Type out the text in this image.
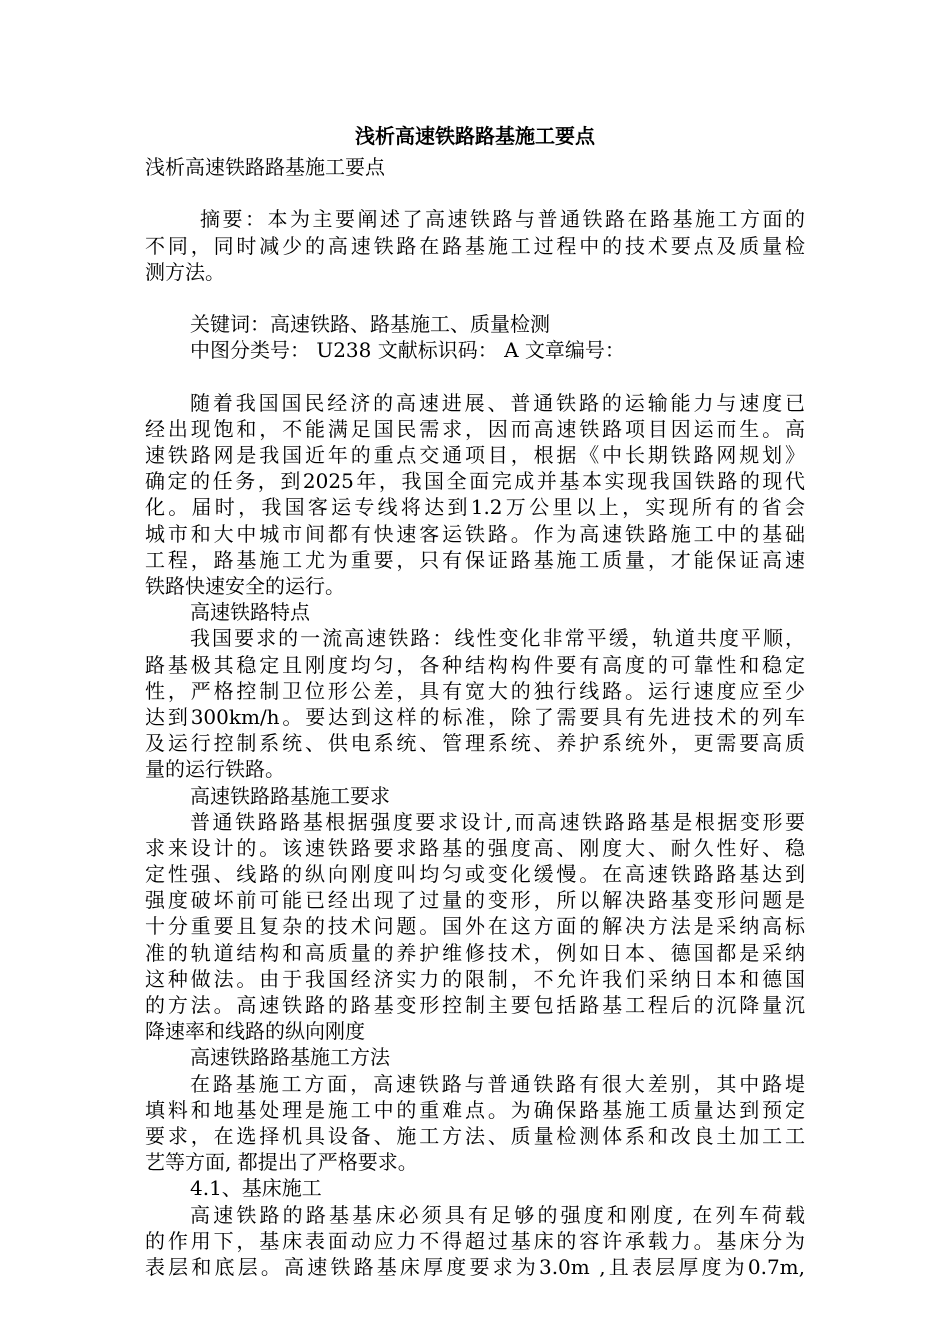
浅析高速铁路路基施工要点
浅析高速铁路路基施工要点
摘要：本为主要阐述了高速铁路与普通铁路在路基施工方面的
不同，同时减少的高速铁路在路基施工过程中的技术要点及质量检
测方法。
关键词：高速铁路、路基施工、质量检测
中图分类号： U238 文献标识码： A 文章编号：
随着我国国民经济的高速进展、普通铁路的运输能力与速度已
经出现饱和，不能满足国民需求，因而高速铁路项目因运而生。高
速铁路网是我国近年的重点交通项目，根据《中长期铁路网规划》
确定的任务，到2025年，我国全面完成并基本实现我国铁路的现代
化。届时，我国客运专线将达到1.2万公里以上，实现所有的省会
城市和大中城市间都有快速客运铁路。作为高速铁路施工中的基础
工程，路基施工尤为重要，只有保证路基施工质量，才能保证高速
铁路快速安全的运行。
高速铁路特点
我国要求的一流高速铁路：线性变化非常平缓，轨道共度平顺，
路基极其稳定且刚度均匀，各种结构构件要有高度的可靠性和稳定
性，严格控制卫位形公差，具有宽大的独行线路。运行速度应至少
达到300km/h。要达到这样的标准，除了需要具有先进技术的列车
及运行控制系统、供电系统、管理系统、养护系统外，更需要高质
量的运行铁路。
高速铁路路基施工要求
普通铁路路基根据强度要求设计,而高速铁路路基是根据变形要
求来设计的。该速铁路要求路基的强度高、刚度大、耐久性好、稳
定性强、线路的纵向刚度叫均匀或变化缓慢。在高速铁路路基达到
强度破坏前可能已经出现了过量的变形，所以解决路基变形问题是
十分重要且复杂的技术问题。国外在这方面的解决方法是采纳高标
准的轨道结构和高质量的养护维修技术，例如日本、德国都是采纳
这种做法。由于我国经济实力的限制，不允许我们采纳日本和德国
的方法。高速铁路的路基变形控制主要包括路基工程后的沉降量沉
降速率和线路的纵向刚度
高速铁路路基施工方法
在路基施工方面，高速铁路与普通铁路有很大差别，其中路堤
填料和地基处理是施工中的重难点。为确保路基施工质量达到预定
要求，在选择机具设备、施工方法、质量检测体系和改良土加工工
艺等方面, 都提出了严格要求。
4.1、基床施工
高速铁路的路基基床必须具有足够的强度和刚度, 在列车荷载
的作用下，基床表面动应力不得超过基床的容许承载力。基床分为
表层和底层。高速铁路基床厚度要求为3.0m ,且表层厚度为0.7m,
